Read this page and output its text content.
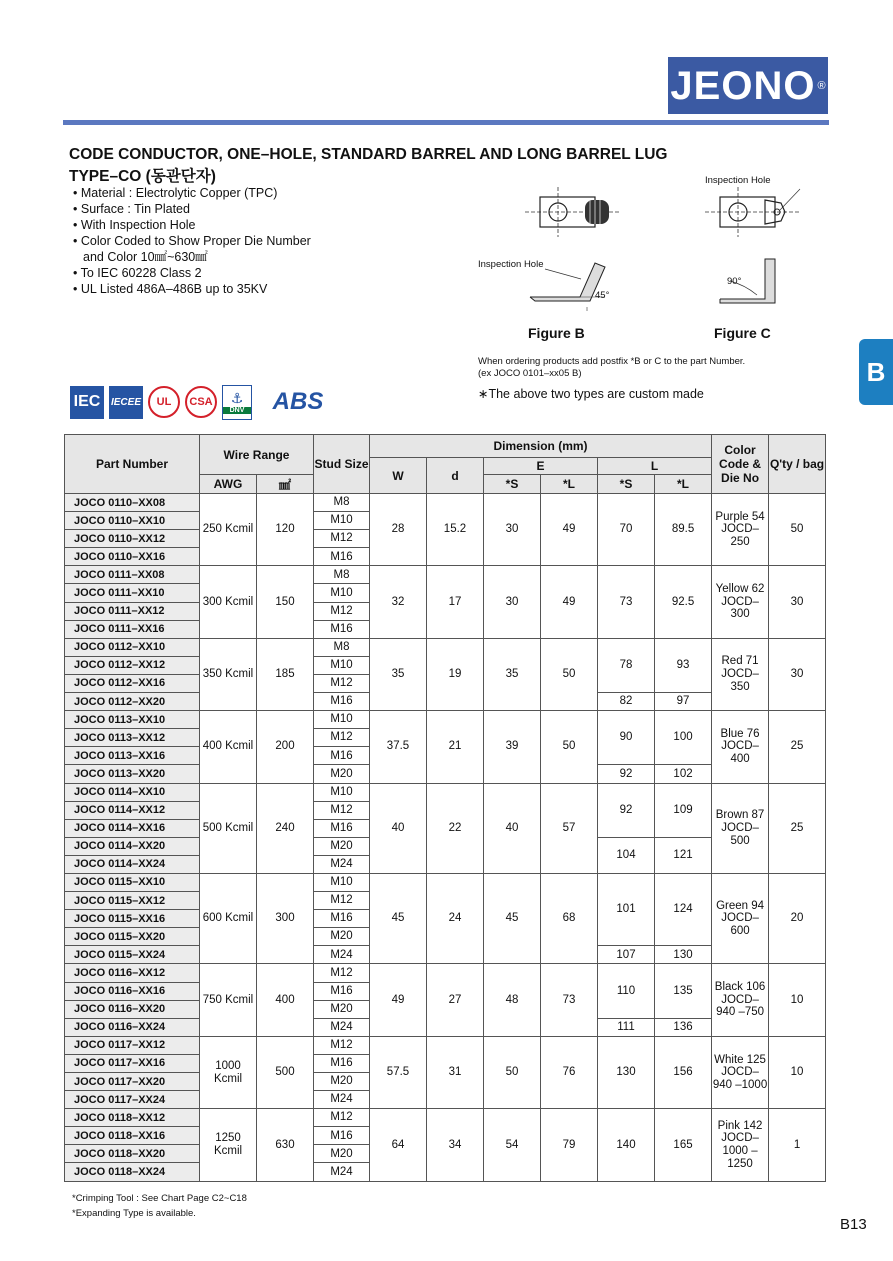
JEONO ®
CODE CONDUCTOR, ONE–HOLE, STANDARD BARREL AND LONG BARREL LUG
TYPE–CO (동관단자)
• Material : Electrolytic Copper (TPC)
• Surface : Tin Plated
• With Inspection Hole
• Color Coded to Show Proper Die Number
and Color 10㎟~630㎟
• To IEC 60228 Class 2
• UL Listed 486A–486B up to 35KV
Inspection Hole
45°
Figure B
Inspection Hole
90°
Figure C
When ordering products add postfix *B or C to the part Number.
(ex JOCO 0101–xx05 B)
∗The above two types are custom made
B
IEC	IECEE	UL	CSA	⚓
DNV	ABS
Part Number	Wire Range		Stud Size	Dimension (mm)						Color Code & Die No	Q'ty / bag
				W	d	E		L			
	AWG	㎟				*S	*L	*S	*L		
JOCO 0110–XX08	250 Kcmil	120	M8	28	15.2	30	49	70	89.5	Purple 54 JOCD–250	50
JOCO 0110–XX10			M10								
JOCO 0110–XX12			M12								
JOCO 0110–XX16			M16								
JOCO 0111–XX08	300 Kcmil	150	M8	32	17	30	49	73	92.5	Yellow 62 JOCD–300	30
JOCO 0111–XX10			M10								
JOCO 0111–XX12			M12								
JOCO 0111–XX16			M16								
JOCO 0112–XX10	350 Kcmil	185	M8	35	19	35	50	78	93	Red 71 JOCD–350	30
JOCO 0112–XX12			M10								
JOCO 0112–XX16			M12								
JOCO 0112–XX20			M16					82	97		
JOCO 0113–XX10	400 Kcmil	200	M10	37.5	21	39	50	90	100	Blue 76 JOCD–400	25
JOCO 0113–XX12			M12								
JOCO 0113–XX16			M16								
JOCO 0113–XX20			M20					92	102		
JOCO 0114–XX10	500 Kcmil	240	M10	40	22	40	57	92	109	Brown 87 JOCD–500	25
JOCO 0114–XX12			M12								
JOCO 0114–XX16			M16								
JOCO 0114–XX20			M20					104	121		
JOCO 0114–XX24			M24								
JOCO 0115–XX10	600 Kcmil	300	M10	45	24	45	68	101	124	Green 94 JOCD–600	20
JOCO 0115–XX12			M12								
JOCO 0115–XX16			M16								
JOCO 0115–XX20			M20								
JOCO 0115–XX24			M24					107	130		
JOCO 0116–XX12	750 Kcmil	400	M12	49	27	48	73	110	135	Black 106 JOCD–940 –750	10
JOCO 0116–XX16			M16								
JOCO 0116–XX20			M20								
JOCO 0116–XX24			M24					111	136		
JOCO 0117–XX12	1000 Kcmil	500	M12	57.5	31	50	76	130	156	White 125 JOCD–940 –1000	10
JOCO 0117–XX16			M16								
JOCO 0117–XX20			M20								
JOCO 0117–XX24			M24								
JOCO 0118–XX12	1250 Kcmil	630	M12	64	34	54	79	140	165	Pink 142 JOCD–1000 –1250	1
JOCO 0118–XX16			M16								
JOCO 0118–XX20			M20								
JOCO 0118–XX24			M24								
*Crimping Tool : See Chart Page C2~C18
*Expanding Type is available.
B13
